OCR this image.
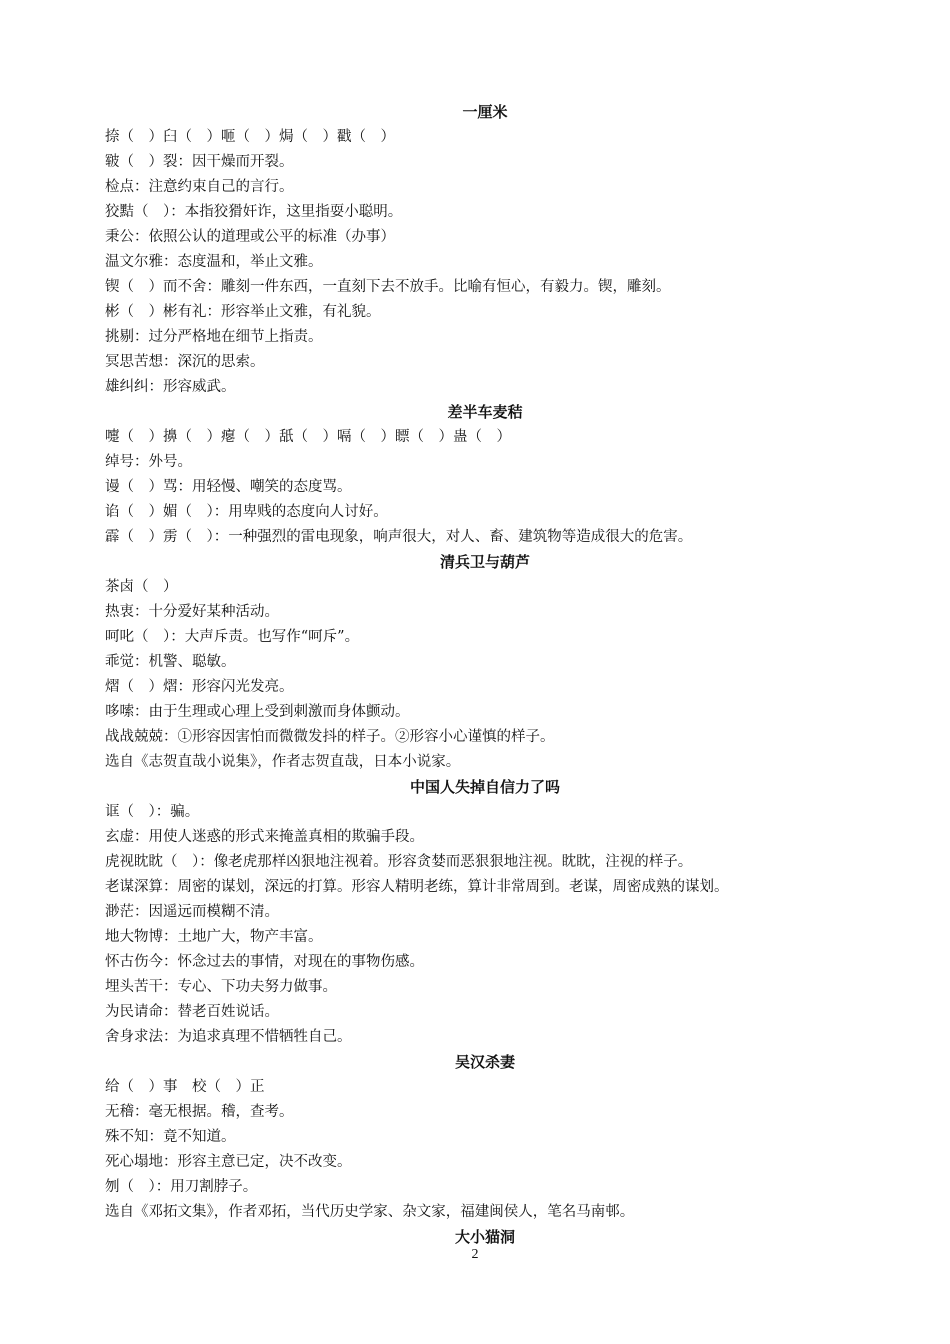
一厘米
捺（　）臼（　）咂（　）焗（　）戳（　）
皲（　）裂：因干燥而开裂。
检点：注意约束自己的言行。
狡黠（　）：本指狡猾奸诈，这里指耍小聪明。
秉公：依照公认的道理或公平的标准（办事）
温文尔雅：态度温和，举止文雅。
锲（　）而不舍：雕刻一件东西，一直刻下去不放手。比喻有恒心，有毅力。锲，雕刻。
彬（　）彬有礼：形容举止文雅，有礼貌。
挑剔：过分严格地在细节上指责。
冥思苦想：深沉的思索。
雄纠纠：形容威武。
差半车麦秸
嚏（　）擤（　）瘪（　）舐（　）嗝（　）瞟（　）蛊（　）
绰号：外号。
谩（　）骂：用轻慢、嘲笑的态度骂。
谄（　）媚（　）：用卑贱的态度向人讨好。
霹（　）雳（　）：一种强烈的雷电现象，响声很大，对人、畜、建筑物等造成很大的危害。
清兵卫与葫芦
茶卤（　）
热衷：十分爱好某种活动。
呵叱（　）：大声斥责。也写作“呵斥”。
乖觉：机警、聪敏。
熠（　）熠：形容闪光发亮。
哆嗦：由于生理或心理上受到刺激而身体颤动。
战战兢兢：①形容因害怕而微微发抖的样子。②形容小心谨慎的样子。
选自《志贺直哉小说集》，作者志贺直哉，日本小说家。
中国人失掉自信力了吗
诓（　）：骗。
玄虚：用使人迷惑的形式来掩盖真相的欺骗手段。
虎视眈眈（　）：像老虎那样凶狠地注视着。形容贪婪而恶狠狠地注视。眈眈，注视的样子。
老谋深算：周密的谋划，深远的打算。形容人精明老练，算计非常周到。老谋，周密成熟的谋划。
渺茫：因遥远而模糊不清。
地大物博：土地广大，物产丰富。
怀古伤今：怀念过去的事情，对现在的事物伤感。
埋头苦干：专心、下功夫努力做事。
为民请命：替老百姓说话。
舍身求法：为追求真理不惜牺牲自己。
吴汉杀妻
给（　）事　校（　）正
无稽：毫无根据。稽，查考。
殊不知：竟不知道。
死心塌地：形容主意已定，决不改变。
刎（　）：用刀割脖子。
选自《邓拓文集》，作者邓拓，当代历史学家、杂文家，福建闽侯人，笔名马南邨。
大小猫洞
2
